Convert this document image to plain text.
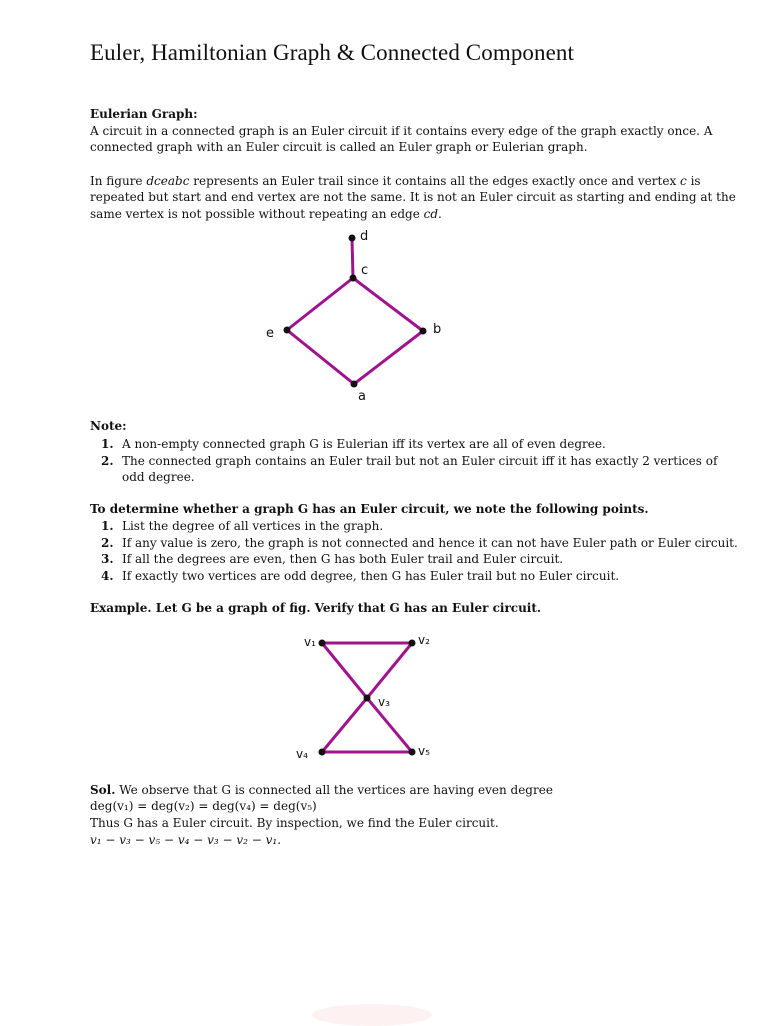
Euler, Hamiltonian Graph & Connected Component
Eulerian Graph:
A circuit in a connected graph is an Euler circuit if it contains every edge of the graph exactly once. A
connected graph with an Euler circuit is called an Euler graph or Eulerian graph.
In figure dceabc represents an Euler trail since it contains all the edges exactly once and vertex c is
repeated but start and end vertex are not the same. It is not an Euler circuit as starting and ending at the
same vertex is not possible without repeating an edge cd.
d
c
e	b
a
Note:
1. A non-empty connected graph G is Eulerian iff its vertex are all of even degree.
2. The connected graph contains an Euler trail but not an Euler circuit iff it has exactly 2 vertices of
odd degree.
To determine whether a graph G has an Euler circuit, we note the following points.
1. List the degree of all vertices in the graph.
2. If any value is zero, the graph is not connected and hence it can not have Euler path or Euler circuit.
3. If all the degrees are even, then G has both Euler trail and Euler circuit.
4. If exactly two vertices are odd degree, then G has Euler trail but no Euler circuit.
Example. Let G be a graph of fig. Verify that G has an Euler circuit.
v₁	v₂
v₃
v₄	v₅
Sol. We observe that G is connected all the vertices are having even degree
deg(v₁) = deg(v₂) = deg(v₄) = deg(v₅)
Thus G has a Euler circuit. By inspection, we find the Euler circuit.
v₁ − v₃ − v₅ − v₄ − v₃ − v₂ − v₁.
